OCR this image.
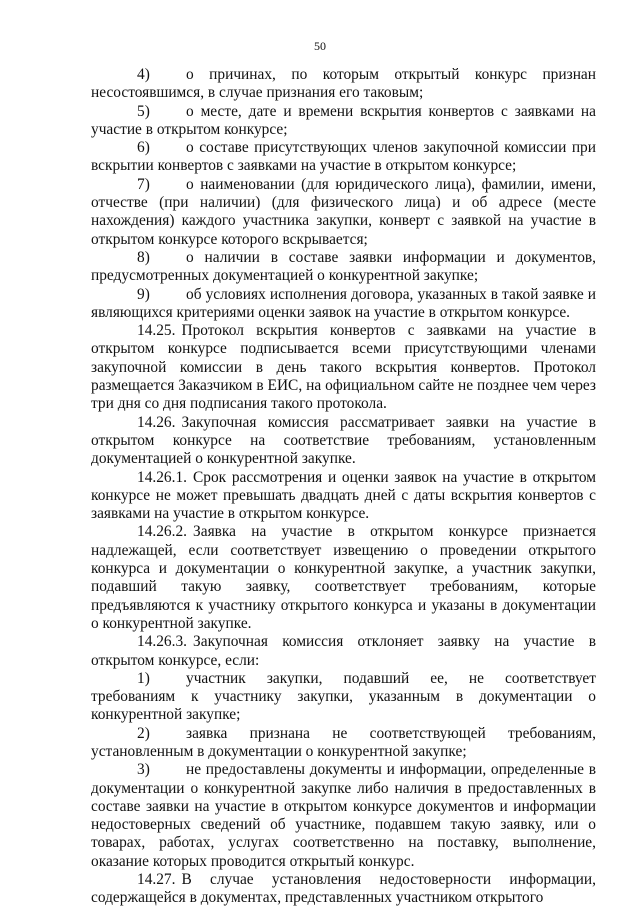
50

4) о причинах, по которым открытый конкурс признан несостоявшимся, в случае признания его таковым;

5) о месте, дате и времени вскрытия конвертов с заявками на участие в открытом конкурсе;

6) о составе присутствующих членов закупочной комиссии при вскрытии конвертов с заявками на участие в открытом конкурсе;

7) о наименовании (для юридического лица), фамилии, имени, отчестве (при наличии) (для физического лица) и об адресе (месте нахождения) каждого участника закупки, конверт с заявкой на участие в открытом конкурсе которого вскрывается;

8) о наличии в составе заявки информации и документов, предусмотренных документацией о конкурентной закупке;

9) об условиях исполнения договора, указанных в такой заявке и являющихся критериями оценки заявок на участие в открытом конкурсе.

14.25. Протокол вскрытия конвертов с заявками на участие в открытом конкурсе подписывается всеми присутствующими членами закупочной комиссии в день такого вскрытия конвертов. Протокол размещается Заказчиком в ЕИС, на официальном сайте не позднее чем через три дня со дня подписания такого протокола.

14.26. Закупочная комиссия рассматривает заявки на участие в открытом конкурсе на соответствие требованиям, установленным документацией о конкурентной закупке.

14.26.1. Срок рассмотрения и оценки заявок на участие в открытом конкурсе не может превышать двадцать дней с даты вскрытия конвертов с заявками на участие в открытом конкурсе.

14.26.2. Заявка на участие в открытом конкурсе признается надлежащей, если соответствует извещению о проведении открытого конкурса и документации о конкурентной закупке, а участник закупки, подавший такую заявку, соответствует требованиям, которые предъявляются к участнику открытого конкурса и указаны в документации о конкурентной закупке.

14.26.3. Закупочная комиссия отклоняет заявку на участие в открытом конкурсе, если:

1) участник закупки, подавший ее, не соответствует требованиям к участнику закупки, указанным в документации о конкурентной закупке;

2) заявка признана не соответствующей требованиям, установленным в документации о конкурентной закупке;

3) не предоставлены документы и информации, определенные в документации о конкурентной закупке либо наличия в предоставленных в составе заявки на участие в открытом конкурсе документов и информации недостоверных сведений об участнике, подавшем такую заявку, или о товарах, работах, услугах соответственно на поставку, выполнение, оказание которых проводится открытый конкурс.

14.27. В случае установления недостоверности информации, содержащейся в документах, представленных участником открытого
